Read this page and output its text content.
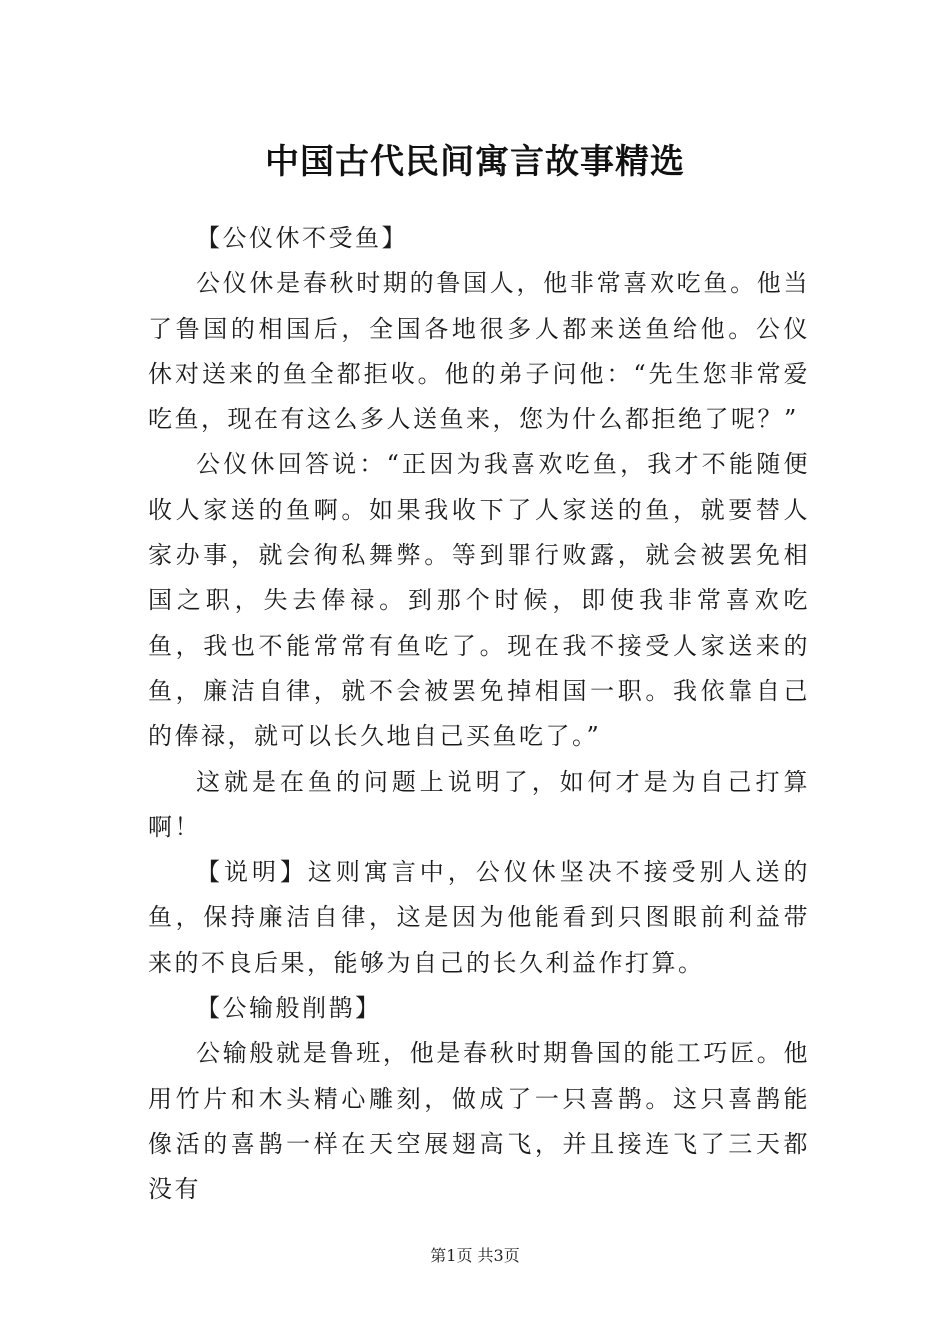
中国古代民间寓言故事精选

【公仪休不受鱼】

公仪休是春秋时期的鲁国人，他非常喜欢吃鱼。他当了鲁国的相国后，全国各地很多人都来送鱼给他。公仪休对送来的鱼全都拒收。他的弟子问他：“先生您非常爱吃鱼，现在有这么多人送鱼来，您为什么都拒绝了呢？”

公仪休回答说：“正因为我喜欢吃鱼，我才不能随便收人家送的鱼啊。如果我收下了人家送的鱼，就要替人家办事，就会徇私舞弊。等到罪行败露，就会被罢免相国之职，失去俸禄。到那个时候，即使我非常喜欢吃鱼，我也不能常常有鱼吃了。现在我不接受人家送来的鱼，廉洁自律，就不会被罢免掉相国一职。我依靠自己的俸禄，就可以长久地自己买鱼吃了。”

这就是在鱼的问题上说明了，如何才是为自己打算啊！

【说明】这则寓言中，公仪休坚决不接受别人送的鱼，保持廉洁自律，这是因为他能看到只图眼前利益带来的不良后果，能够为自己的长久利益作打算。

【公输般削鹊】

公输般就是鲁班，他是春秋时期鲁国的能工巧匠。他用竹片和木头精心雕刻，做成了一只喜鹊。这只喜鹊能像活的喜鹊一样在天空展翅高飞，并且接连飞了三天都没有

第1页 共3页
